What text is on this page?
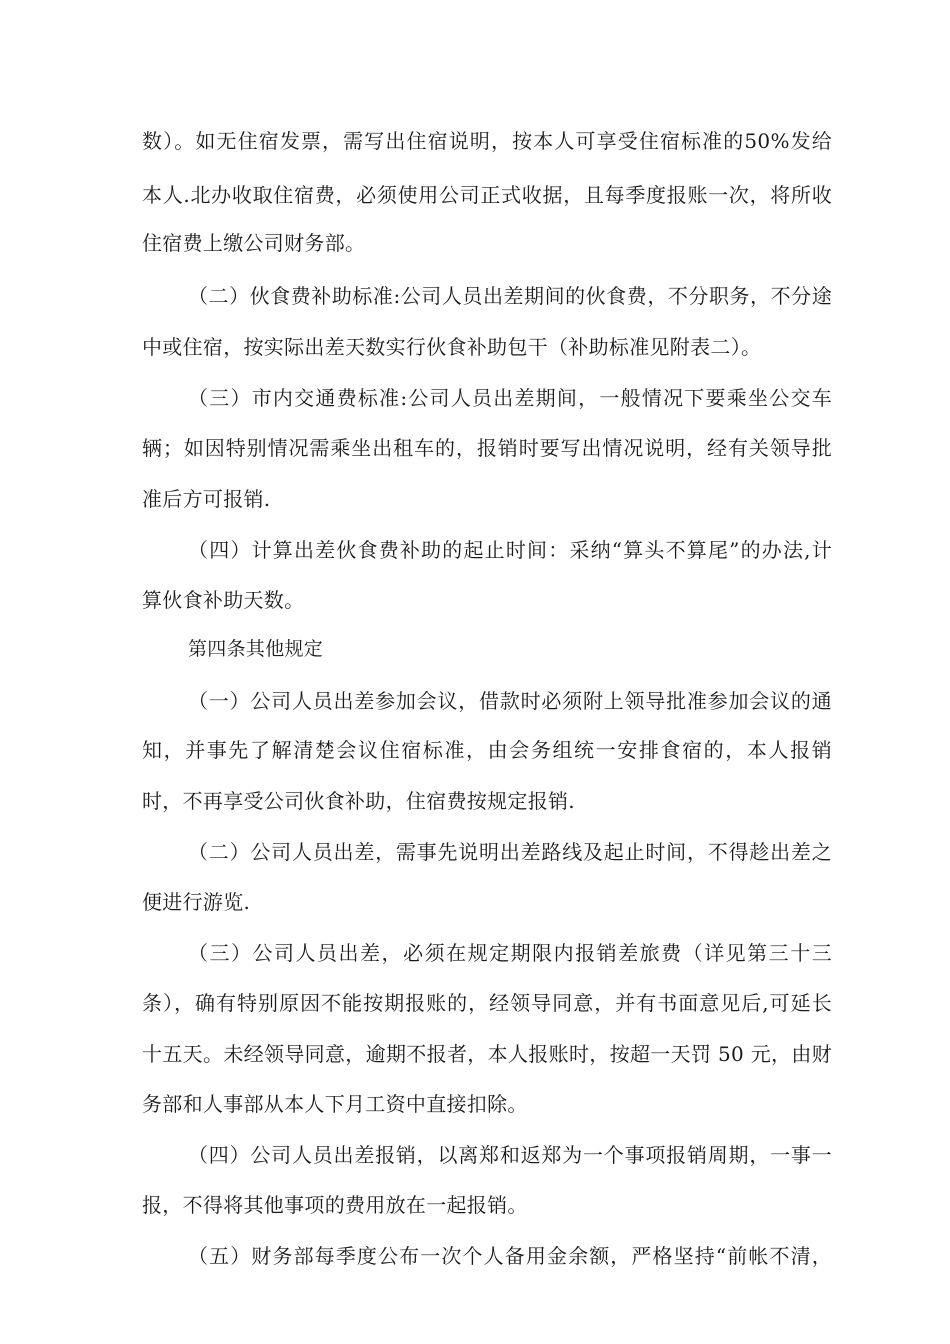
数）。如无住宿发票，需写出住宿说明，按本人可享受住宿标准的50%发给
本人.北办收取住宿费，必须使用公司正式收据，且每季度报账一次，将所收
住宿费上缴公司财务部。
（二）伙食费补助标准:公司人员出差期间的伙食费，不分职务，不分途
中或住宿，按实际出差天数实行伙食补助包干（补助标准见附表二）。
（三）市内交通费标准:公司人员出差期间，一般情况下要乘坐公交车
辆；如因特别情况需乘坐出租车的，报销时要写出情况说明，经有关领导批
准后方可报销.
（四）计算出差伙食费补助的起止时间：采纳“算头不算尾”的办法,计
算伙食补助天数。
第四条其他规定
（一）公司人员出差参加会议，借款时必须附上领导批准参加会议的通
知，并事先了解清楚会议住宿标准，由会务组统一安排食宿的，本人报销
时，不再享受公司伙食补助，住宿费按规定报销.
（二）公司人员出差，需事先说明出差路线及起止时间，不得趁出差之
便进行游览.
（三）公司人员出差，必须在规定期限内报销差旅费（详见第三十三
条），确有特别原因不能按期报账的，经领导同意，并有书面意见后,可延长
十五天。未经领导同意，逾期不报者，本人报账时，按超一天罚 50 元，由财
务部和人事部从本人下月工资中直接扣除。
（四）公司人员出差报销，以离郑和返郑为一个事项报销周期，一事一
报，不得将其他事项的费用放在一起报销。
（五）财务部每季度公布一次个人备用金余额，严格坚持“前帐不清，
